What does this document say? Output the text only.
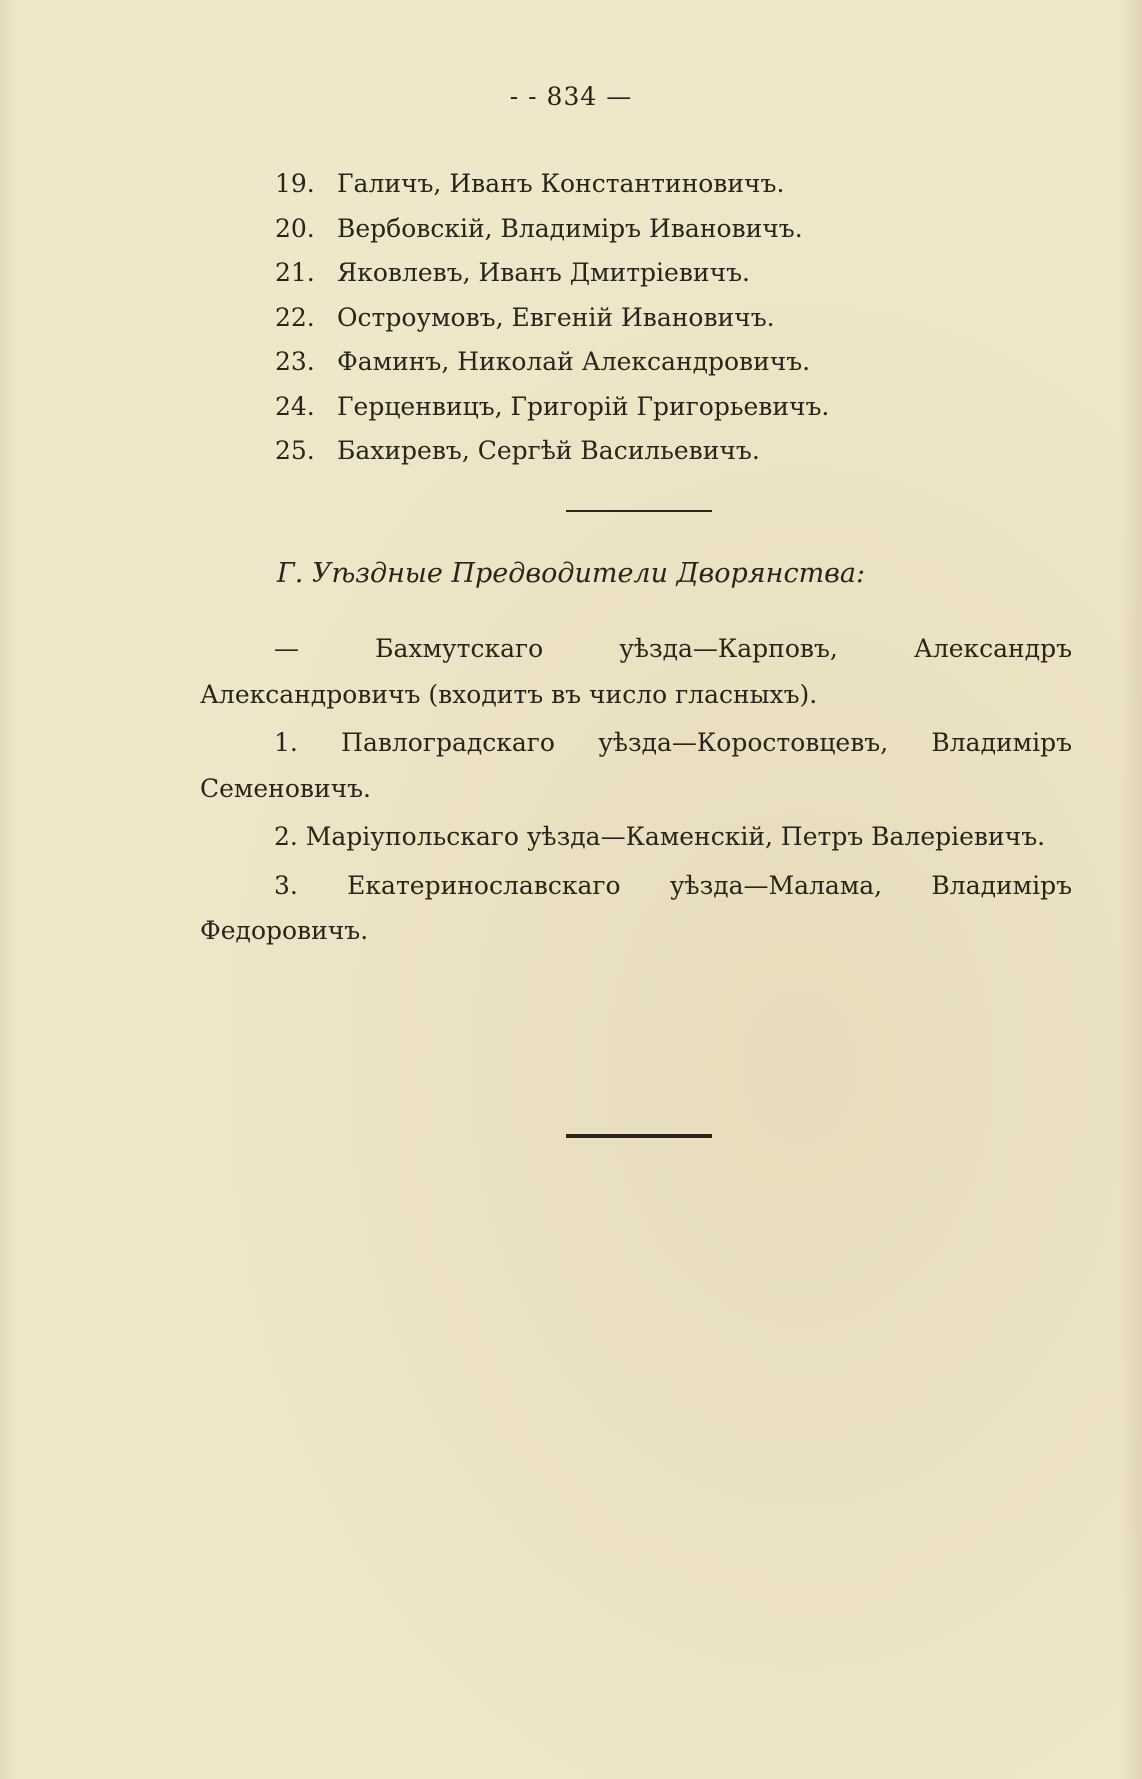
- - 834 —
19. Галичъ, Иванъ Константиновичъ.
20. Вербовскій, Владиміръ Ивановичъ.
21. Яковлевъ, Иванъ Дмитріевичъ.
22. Остроумовъ, Евгеній Ивановичъ.
23. Фаминъ, Николай Александровичъ.
24. Герценвицъ, Григорій Григорьевичъ.
25. Бахиревъ, Сергѣй Васильевичъ.
Г. Уѣздные Предводители Дворянства:

— Бахмутскаго уѣзда—Карповъ, Александръ Александровичъ (входитъ въ число гласныхъ).

1. Павлоградскаго уѣзда—Коростовцевъ, Владиміръ Семеновичъ.

2. Маріупольскаго уѣзда—Каменскій, Петръ Валеріевичъ.

3. Екатеринославскаго уѣзда—Малама, Владиміръ Федоровичъ.
